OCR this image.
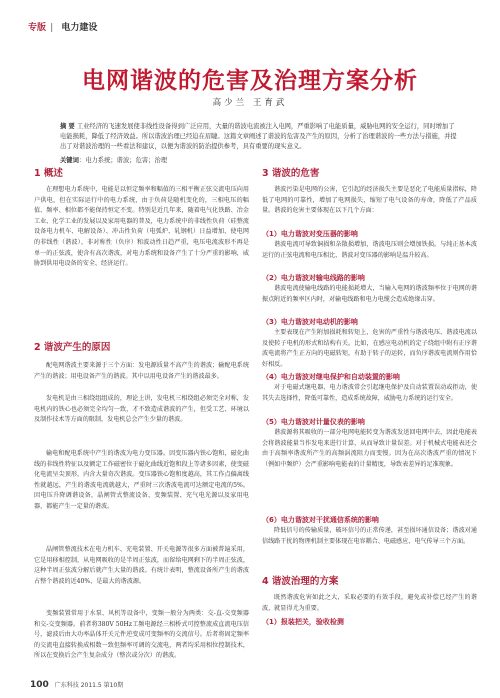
专版 | 电力建设
电网谐波的危害及治理方案分析
高少兰 王育武
摘 要 工业经济的飞速发展使非线性设备得到广泛应用，大量的谐波电流被注入电网，严重影响了电能质量，威胁电网的安全运行，同时增加了电能损耗，降低了经济效益。所以谐波治理已经迫在眉睫。这篇文章阐述了谐波的危害及产生的原因，分析了治理谐波的一些方法与措施，并提出了对谐波治理的一些看法和建议，以便为谐波的防治提供参考，具有重要的现实意义。
关键词：电力系统；谐波；危害；治理
1 概述

在理想电力系统中，电能是以恒定频率和幅值的三相平衡正弦交流电压向用户供电，但在实际运行中的电力系统，由于负荷是随机变化的，三相电压的幅值、频率、相位都不能保持恒定不变。特别是近几年来，随着电气化铁路、冶金工业、化学工业的发展以及家用电器的普及，电力系统中的非线性负荷（硅整流设备电力机车、电解设备）、冲击性负荷（电弧炉、轧钢机）日益增加，使电网的非线性（谐波）、非对称性（负序）和波动性日趋严重，电压电流波形不再是单一的正弦波，使含有高次谐波，对电力系统和设备产生了十分严重的影响，威胁到供用电设备的安全、经济运行。

2 谐波产生的原因

配电网谐波主要来源于三个方面：发电源质量不高产生的谐波；输配电系统产生的谐波；用电设备产生的谐波。其中以用电设备产生的谐波最多。

发电机是由三相绕组组成的，理论上讲，发电机三相绕组必须完全对称，发电机内的铁心也必须完全均匀一致，才不致造成谐波的产生，但受工艺、环境以及制作技术等方面的限制，发电机总会产生少量的谐波。

输电和配电系统中产生的谐波为电力变压器。因变压器内铁心饱和，磁化曲线的非线性特征以及额定工作磁密位于磁化曲线近饱和段上等诸多因素，使变磁化电流呈尖顶形，内含大量奇次谐波。变压器铁心饱和度越高，其工作点偏离线性就越远，产生的谐波电流就越大，严重时三次谐波电流可达额定电流的5%。因电压升降调谐设备，晶闸管式整流设备、变频装置、充气电光源以及家用电器，都能产生一定量的谐波。

晶闸管整流技术在电力机车、充电装置、开关电源等很多方面被普遍采用，它是用移相控制，从电网吸收的是半周正弦波，而留给电网剩下的半周正弦波，这种半周正弦波分解后就产生大量的谐波。有统计表明，整流设备所产生的谐波占整个谐波的近40%，是最大的谐波源。

变频装置常用于水泵、风机等设备中，变频一般分为两类：交-直-交变频器和交-交变频器。前者将380V 50Hz工频电源经三相桥式可控整流成直流电压信号，滤波后由大功率晶体开关元件逆变成可变频率的交流信号。后者将固定频率的交流电直接转换成相数一致但频率可调的交流电，两者均采用相位控制技术，所以在变换后会产生复杂成分（整次或分次）的谐波。

3 谐波的危害

谐波污染是电网的公害，它引起的经济损失主要是恶化了电能质量指标，降低了电网的可靠性，增加了电网损失，缩短了电气设备的寿命，降低了产品质量。谐波的危害主要体现在以下几个方面：

（1）电力谐波对变压器的影响

谐波电流可导致铜损和杂散损增加，谐波电压则会增加铁损。与纯正基本波运行的正弦电流和电压相比，谐波对变压器的影响是温升较高。

（2）电力谐波对输电线路的影响

谐波电流使输电线路的电能损耗增大，当输入电网的谐波频率位于电网的谐振点附近的频率区内时，对输电线路和电力电缆会造成绝缘击穿。

（3）电力谐波对电动机的影响

主要表现在产生附加损耗和转矩上，危害的严重性与谐波电压、谐波电流以及使转子电机的形式和结构有关。比如，在感应电动机的定子绕组中附有正序谐波电流将产生正方向的电磁转矩，有助于转子的运转，而负序谐波电流则作用恰好相反。

（4）电力谐波对继电保护和自动装置的影响

对于电磁式继电器，电力谐波常会引起继电保护及自动装置误动或拒动，使其失去选择性，降低可靠性，造成系统故障，威胁电力系统的运行安全。

（5）电力谐波对计量仪表的影响

谐波源将其吸收的一部分电网电能转变为谐波发送回电网中去，因此电能表会将谐波能量当作发电来进行计算，从而导致计量误差。对于机械式电能表还会由于高频率谐波所产生的高频涡流阻力而变慢。因为在高次谐波严重的情况下（例如中频炉）会严重影响电能表的计量精度，导致表差异的足准现象。

（6）电力谐波对干扰通信系统的影响

降低信号的传输质量，破坏信号的正常传递，甚至损坏通信设备；谐波对通信线路干扰的物理机制主要体现在电容耦合、电磁感应、电气传导三个方面。

4 谐波治理的方案

既然谐波危害如此之大，采取必要的有效手段，避免或补偿已经产生的谐波，就显得尤为重要。

（1）报装把关，验收检测
100 广东科技 2011.5 第10期
